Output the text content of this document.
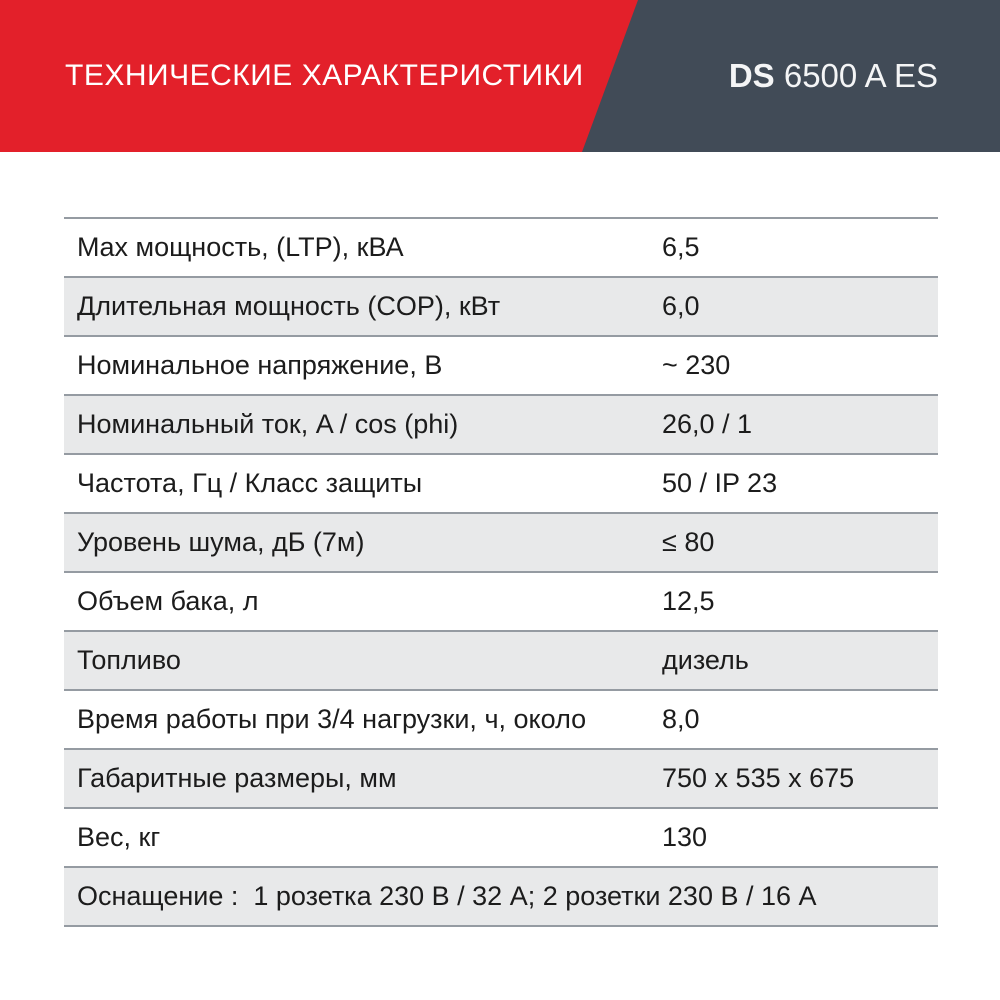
ТЕХНИЧЕСКИЕ ХАРАКТЕРИСТИКИ	DS 6500 A ES
Max мощность, (LTP), кВА	6,5
Длительная мощность (COP), кВт	6,0
Номинальное напряжение, В	~ 230
Номинальный ток, A / cos (phi)	26,0 / 1
Частота, Гц / Класс защиты	50 / IP 23
Уровень шума, дБ (7м)	≤ 80
Объем бака, л	12,5
Топливо	дизель
Время работы при 3/4 нагрузки, ч, около	8,0
Габаритные размеры, мм	750 x 535 x 675
Вес, кг	130
Оснащение :  1 розетка 230 В / 32 А; 2 розетки 230 В / 16 А
